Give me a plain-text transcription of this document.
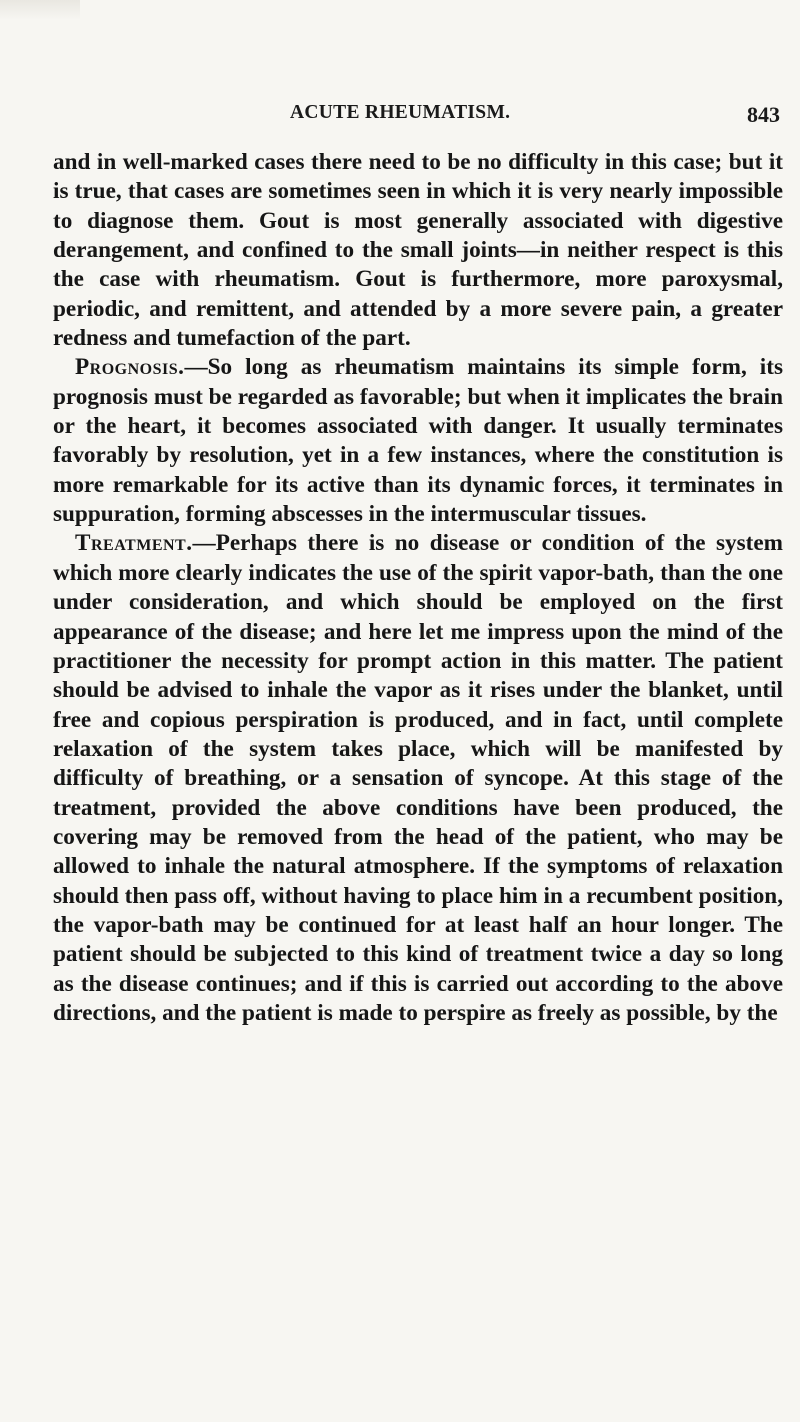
ACUTE RHEUMATISM.	843

and in well-marked cases there need to be no difficulty in this case; but it is true, that cases are sometimes seen in which it is very nearly impossible to diagnose them. Gout is most generally associated with digestive derangement, and confined to the small joints—in neither respect is this the case with rheumatism. Gout is furthermore, more paroxysmal, periodic, and remittent, and attended by a more severe pain, a greater redness and tumefaction of the part.

Prognosis.—So long as rheumatism maintains its simple form, its prognosis must be regarded as favorable; but when it implicates the brain or the heart, it becomes associated with danger. It usually terminates favorably by resolution, yet in a few instances, where the constitution is more remarkable for its active than its dynamic forces, it terminates in suppuration, forming abscesses in the intermuscular tissues.

Treatment.—Perhaps there is no disease or condition of the system which more clearly indicates the use of the spirit vapor-bath, than the one under consideration, and which should be employed on the first appearance of the disease; and here let me impress upon the mind of the practitioner the necessity for prompt action in this matter. The patient should be advised to inhale the vapor as it rises under the blanket, until free and copious perspiration is produced, and in fact, until complete relaxation of the system takes place, which will be manifested by difficulty of breathing, or a sensation of syncope. At this stage of the treatment, provided the above conditions have been produced, the covering may be removed from the head of the patient, who may be allowed to inhale the natural atmosphere. If the symptoms of relaxation should then pass off, without having to place him in a recumbent position, the vapor-bath may be continued for at least half an hour longer. The patient should be subjected to this kind of treatment twice a day so long as the disease continues; and if this is carried out according to the above directions, and the patient is made to perspire as freely as possible, by the
